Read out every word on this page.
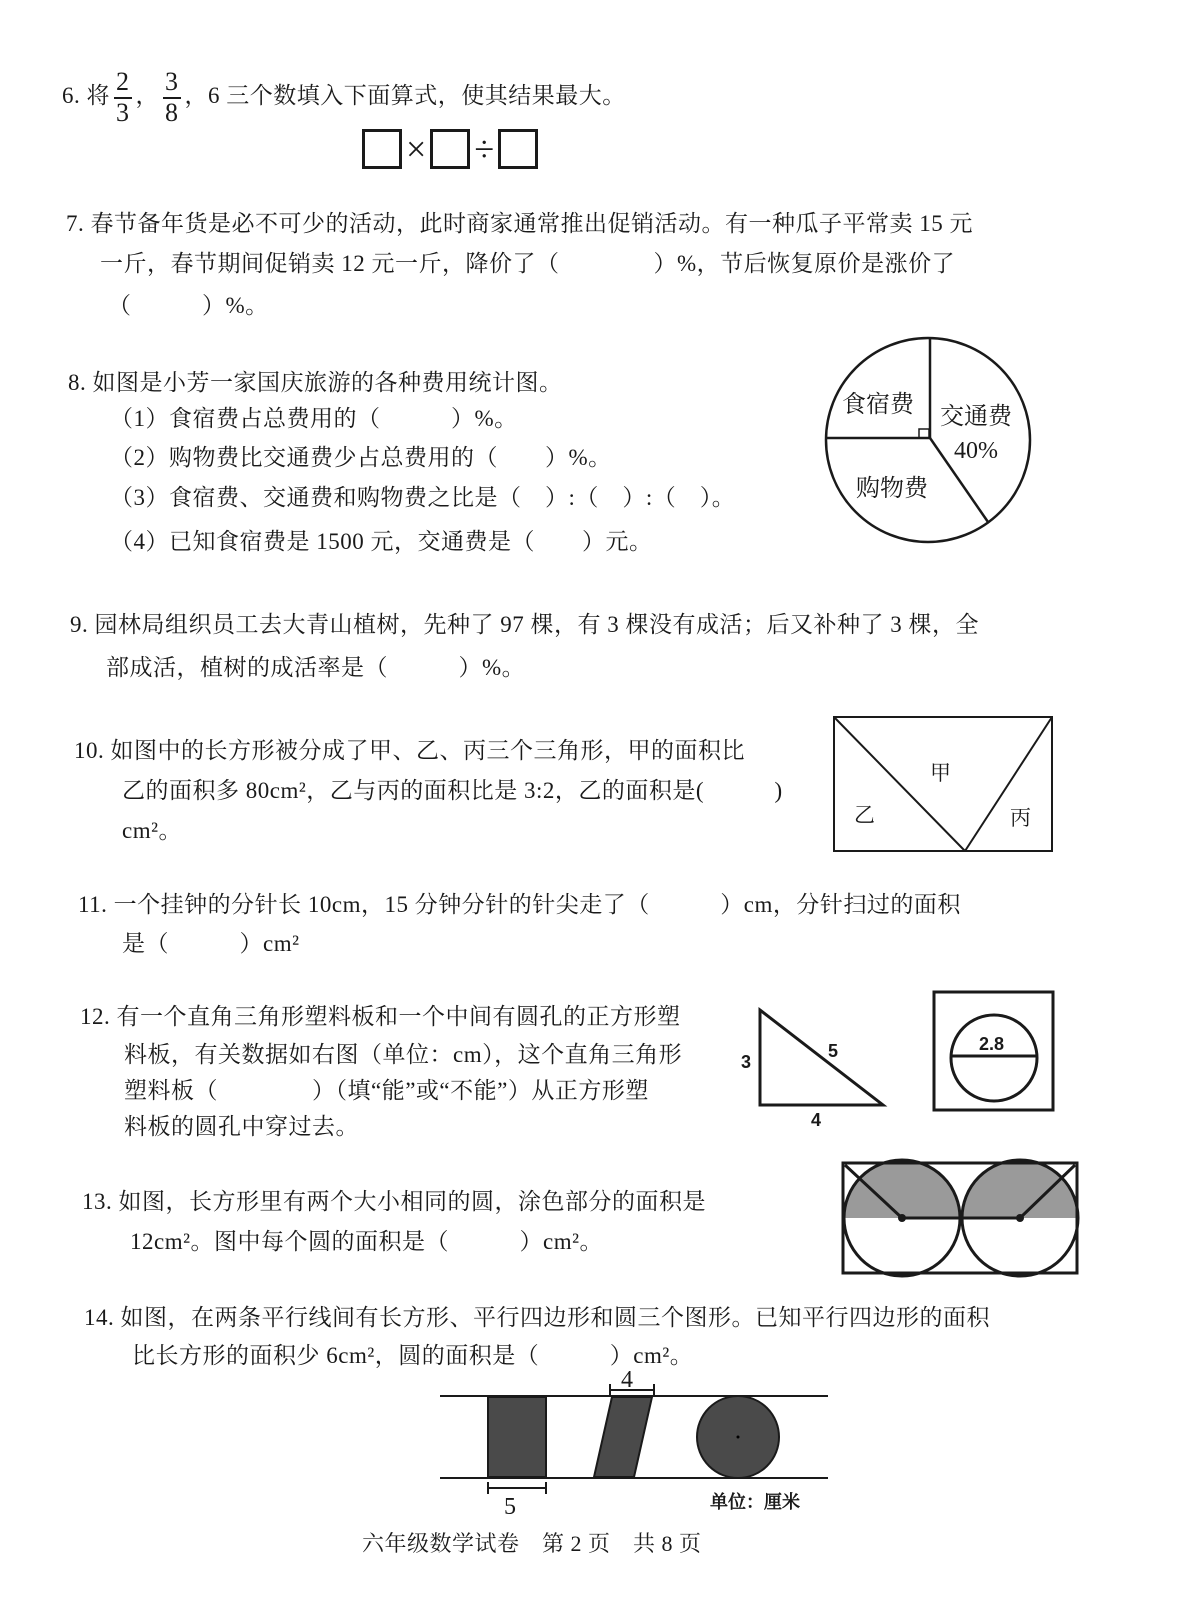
6. 将 $\frac{2}{3}$ ， $\frac{3}{8}$ ，6 三个数填入下面算式，使其结果最大。
× ÷
7. 春节备年货是必不可少的活动，此时商家通常推出促销活动。有一种瓜子平常卖 15 元
一斤，春节期间促销卖 12 元一斤，降价了（　　　　）%，节后恢复原价是涨价了
（　　　）%。
8. 如图是小芳一家国庆旅游的各种费用统计图。
（1）食宿费占总费用的（　　　）%。
（2）购物费比交通费少占总费用的（　　）%。
（3）食宿费、交通费和购物费之比是（　）:（　）:（　）。
（4）已知食宿费是 1500 元，交通费是（　　）元。
9. 园林局组织员工去大青山植树，先种了 97 棵，有 3 棵没有成活；后又补种了 3 棵，全
部成活，植树的成活率是（　　　）%。
10. 如图中的长方形被分成了甲、乙、丙三个三角形，甲的面积比
乙的面积多 80cm²，乙与丙的面积比是 3:2，乙的面积是(　　　)
cm²。
11. 一个挂钟的分针长 10cm，15 分钟分针的针尖走了（　　　）cm，分针扫过的面积
是（　　　）cm²
12. 有一个直角三角形塑料板和一个中间有圆孔的正方形塑
料板，有关数据如右图（单位：cm），这个直角三角形
塑料板（　　　　）（填“能”或“不能”）从正方形塑
料板的圆孔中穿过去。
13. 如图，长方形里有两个大小相同的圆，涂色部分的面积是
12cm²。图中每个圆的面积是（　　　）cm²。
14. 如图，在两条平行线间有长方形、平行四边形和圆三个图形。已知平行四边形的面积
比长方形的面积少 6cm²，圆的面积是（　　　）cm²。
食宿费 交通费
40%
购物费
甲
乙	丙
3
5
4
2.8
4
5	单位：厘米
六年级数学试卷　第 2 页　共 8 页
